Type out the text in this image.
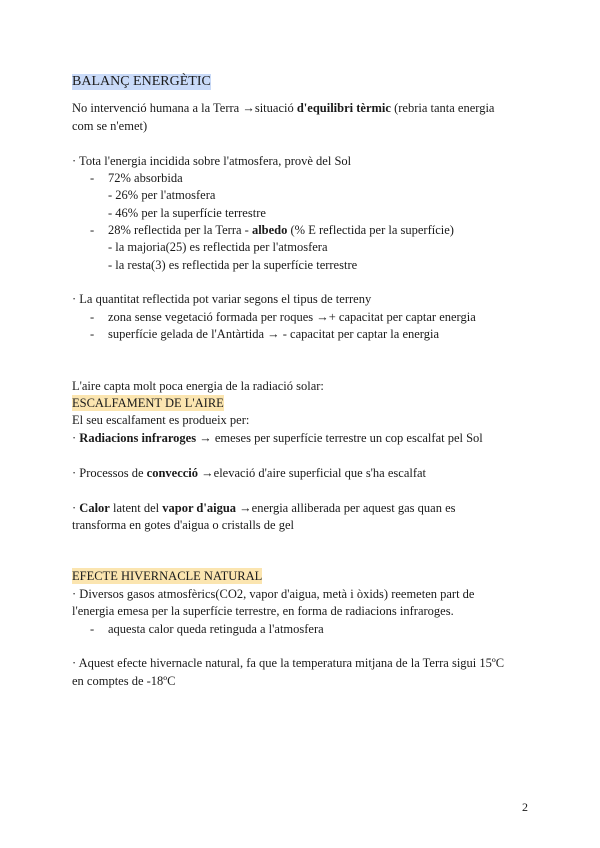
BALANÇ ENERGÈTIC
No intervenció humana a la Terra →situació d'equilibri tèrmic (rebria tanta energia
com se n'emet)
· Tota l'energia incidida sobre l'atmosfera, provè del Sol
- 72% absorbida
- 26% per l'atmosfera
- 46% per la superfície terrestre
- 28% reflectida per la Terra - albedo (% E reflectida per la superfície)
- la majoria(25) es reflectida per l'atmosfera
- la resta(3) es reflectida per la superfície terrestre
· La quantitat reflectida pot variar segons el tipus de terreny
- zona sense vegetació formada per roques →+ capacitat per captar energia
- superfície gelada de l'Antàrtida → - capacitat per captar la energia
L'aire capta molt poca energia de la radiació solar:
ESCALFAMENT DE L'AIRE
El seu escalfament es produeix per:
· Radiacions infraroges → emeses per superfície terrestre un cop escalfat pel Sol
· Processos de convecció →elevació d'aire superficial que s'ha escalfat
· Calor latent del vapor d'aigua →energia alliberada per aquest gas quan es
transforma en gotes d'aigua o cristalls de gel
EFECTE HIVERNACLE NATURAL
· Diversos gasos atmosfèrics(CO2, vapor d'aigua, metà i òxids) reemeten part de
l'energia emesa per la superfície terrestre, en forma de radiacions infraroges.
- aquesta calor queda retinguda a l'atmosfera
· Aquest efecte hivernacle natural, fa que la temperatura mitjana de la Terra sigui 15ºC
en comptes de -18ºC
2
